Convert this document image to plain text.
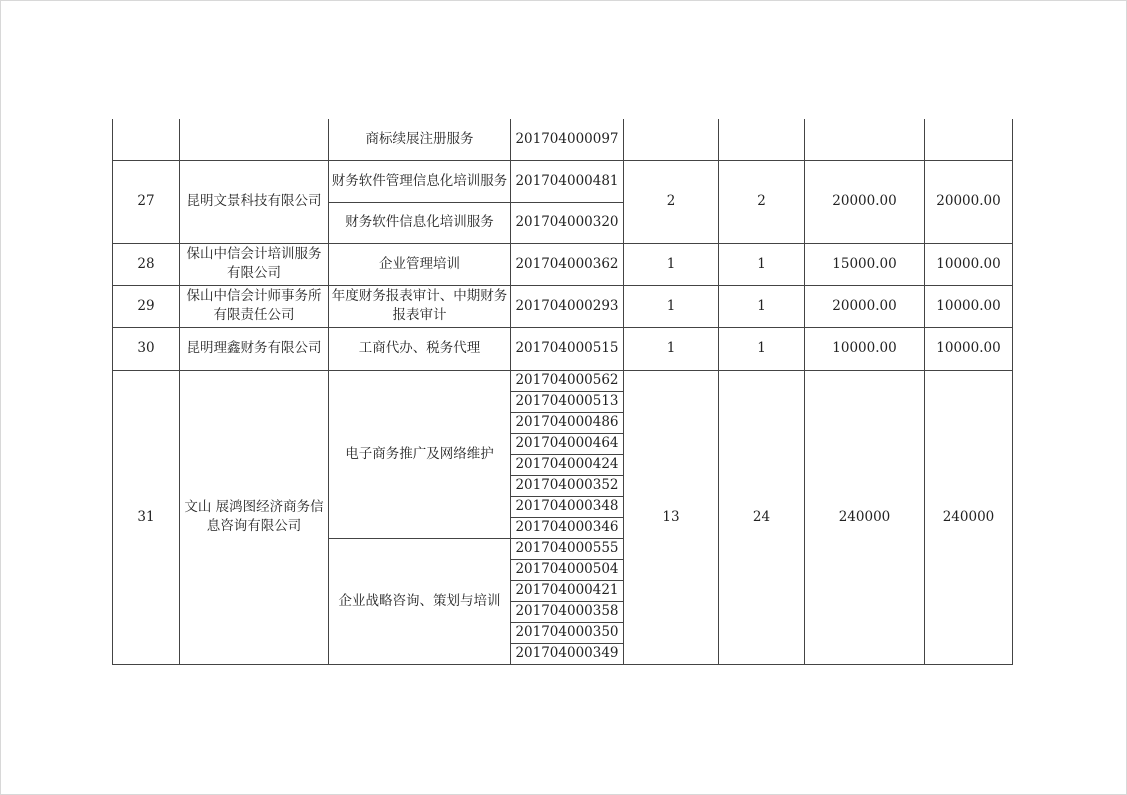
		商标续展注册服务	201704000097				
27	昆明文景科技有限公司	财务软件管理信息化培训服务	201704000481	2	2	20000.00	20000.00
		财务软件信息化培训服务	201704000320				
28	保山中信会计培训服务有限公司	企业管理培训	201704000362	1	1	15000.00	10000.00
29	保山中信会计师事务所有限责任公司	年度财务报表审计、中期财务报表审计	201704000293	1	1	20000.00	10000.00
30	昆明理鑫财务有限公司	工商代办、税务代理	201704000515	1	1	10000.00	10000.00
31	文山 展鸿图经济商务信息咨询有限公司	电子商务推广及网络维护	201704000562	13	24	240000	240000
			201704000513				
			201704000486				
			201704000464				
			201704000424				
			201704000352				
			201704000348				
			201704000346				
		企业战略咨询、策划与培训	201704000555				
			201704000504				
			201704000421				
			201704000358				
			201704000350				
			201704000349				
